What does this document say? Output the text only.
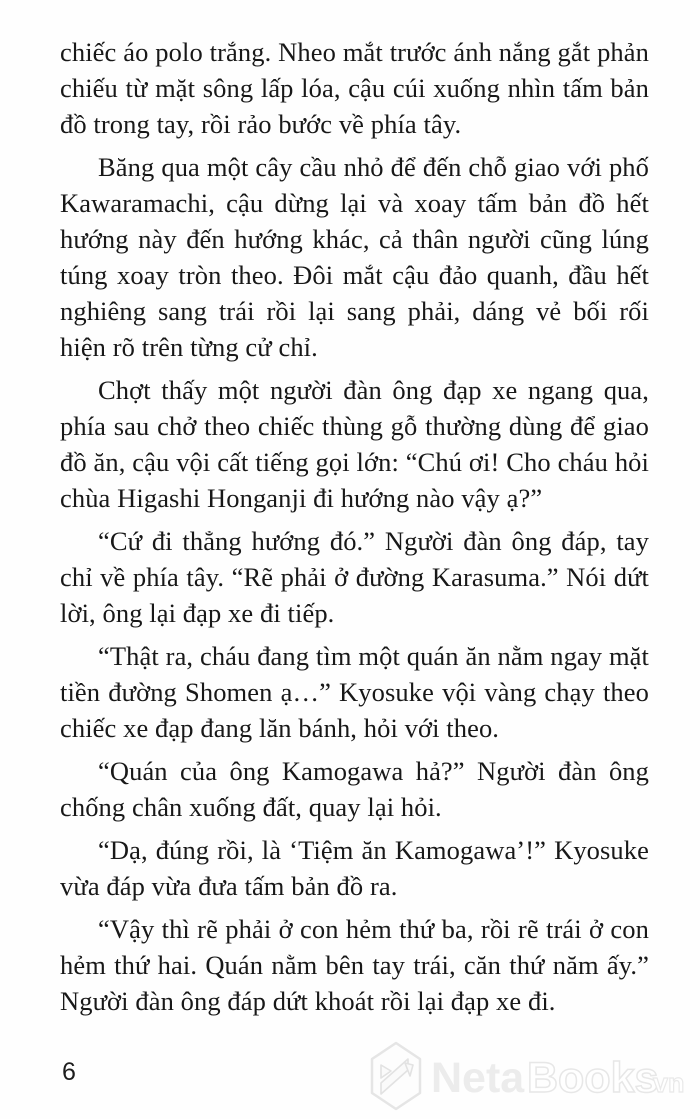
chiếc áo polo trắng. Nheo mắt trước ánh nắng gắt phản chiếu từ mặt sông lấp lóa, cậu cúi xuống nhìn tấm bản đồ trong tay, rồi rảo bước về phía tây.

Băng qua một cây cầu nhỏ để đến chỗ giao với phố Kawaramachi, cậu dừng lại và xoay tấm bản đồ hết hướng này đến hướng khác, cả thân người cũng lúng túng xoay tròn theo. Đôi mắt cậu đảo quanh, đầu hết nghiêng sang trái rồi lại sang phải, dáng vẻ bối rối hiện rõ trên từng cử chỉ.

Chợt thấy một người đàn ông đạp xe ngang qua, phía sau chở theo chiếc thùng gỗ thường dùng để giao đồ ăn, cậu vội cất tiếng gọi lớn: “Chú ơi! Cho cháu hỏi chùa Higashi Honganji đi hướng nào vậy ạ?”

“Cứ đi thẳng hướng đó.” Người đàn ông đáp, tay chỉ về phía tây. “Rẽ phải ở đường Karasuma.” Nói dứt lời, ông lại đạp xe đi tiếp.

“Thật ra, cháu đang tìm một quán ăn nằm ngay mặt tiền đường Shomen ạ…” Kyosuke vội vàng chạy theo chiếc xe đạp đang lăn bánh, hỏi với theo.

“Quán của ông Kamogawa hả?” Người đàn ông chống chân xuống đất, quay lại hỏi.

“Dạ, đúng rồi, là ‘Tiệm ăn Kamogawa’!” Kyosuke vừa đáp vừa đưa tấm bản đồ ra.

“Vậy thì rẽ phải ở con hẻm thứ ba, rồi rẽ trái ở con hẻm thứ hai. Quán nằm bên tay trái, căn thứ năm ấy.” Người đàn ông đáp dứt khoát rồi lại đạp xe đi.

6	Neta Books
vn
